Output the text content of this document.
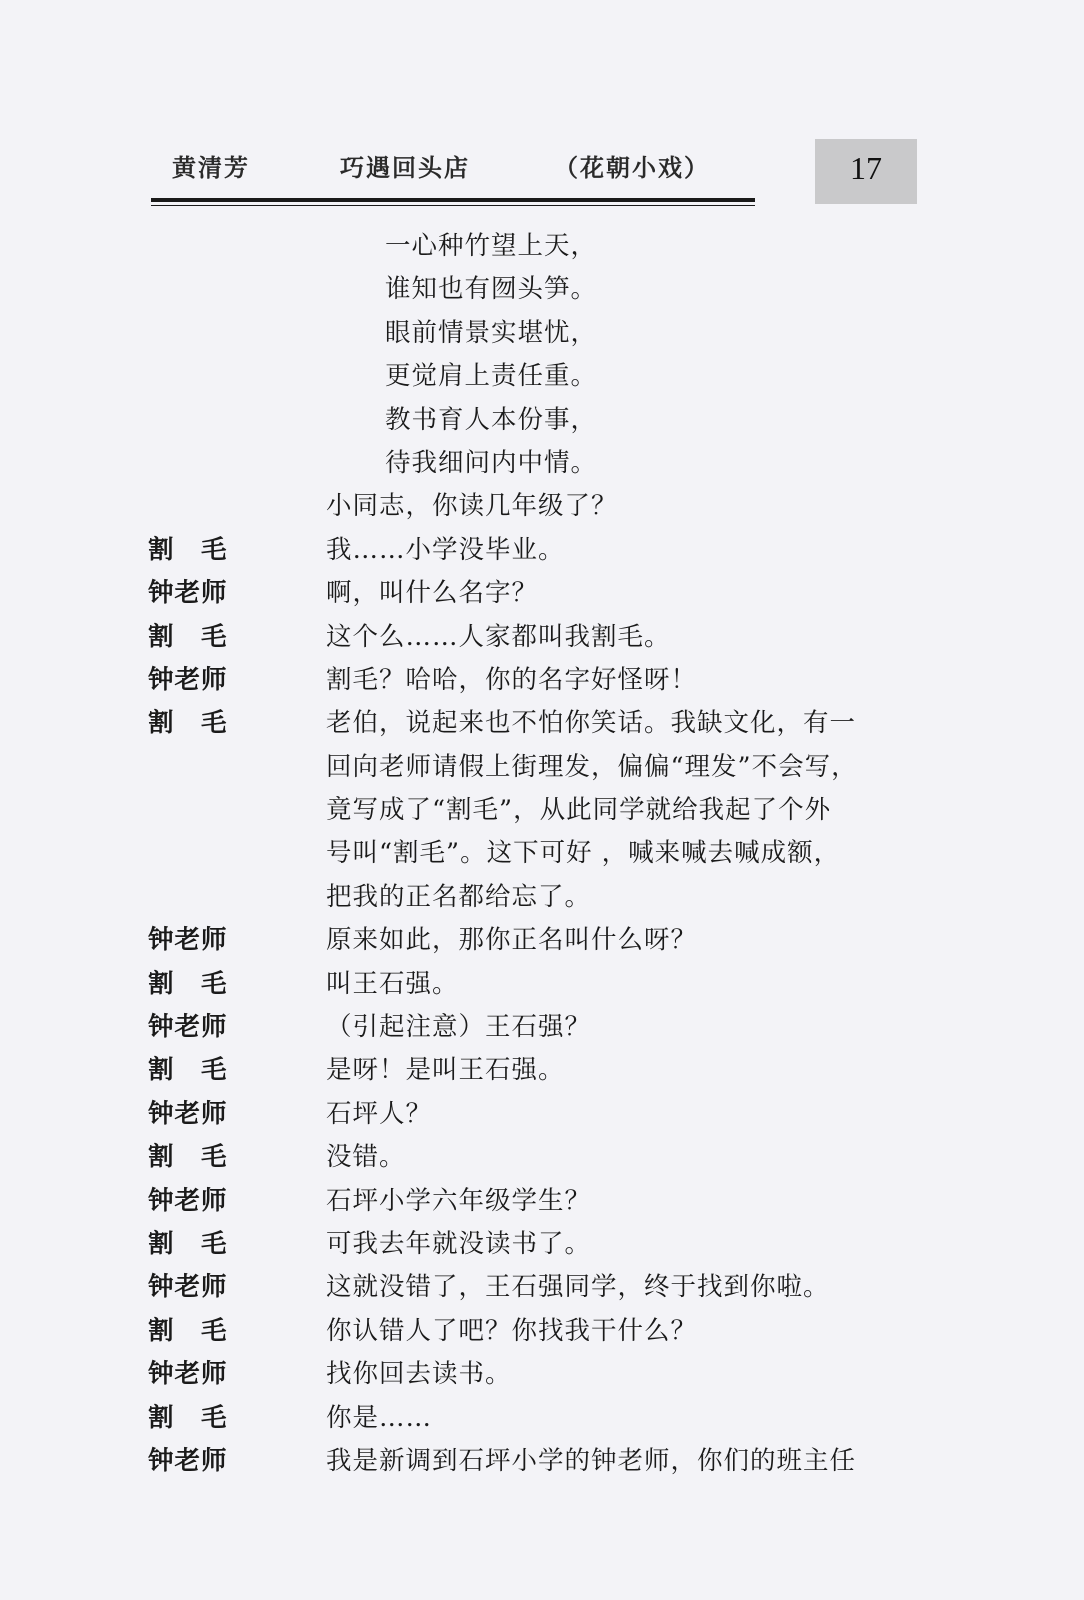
黄清芳	巧遇回头店	（花朝小戏）	17
一心种竹望上天，
谁知也有囫头笋。
眼前情景实堪忧，
更觉肩上责任重。
教书育人本份事，
待我细问内中情。
小同志，你读几年级了？
割　毛	我……小学没毕业。
钟老师	啊，叫什么名字？
割　毛	这个么……人家都叫我割毛。
钟老师	割毛？哈哈，你的名字好怪呀！
割　毛	老伯，说起来也不怕你笑话。我缺文化，有一
回向老师请假上街理发，偏偏“理发”不会写，
竟写成了“割毛”，从此同学就给我起了个外
号叫“割毛”。这下可好 ，喊来喊去喊成额，
把我的正名都给忘了。
钟老师	原来如此，那你正名叫什么呀？
割　毛	叫王石强。
钟老师	（引起注意）王石强？
割　毛	是呀！是叫王石强。
钟老师	石坪人？
割　毛	没错。
钟老师	石坪小学六年级学生？
割　毛	可我去年就没读书了。
钟老师	这就没错了，王石强同学，终于找到你啦。
割　毛	你认错人了吧？你找我干什么？
钟老师	找你回去读书。
割　毛	你是……
钟老师	我是新调到石坪小学的钟老师，你们的班主任
